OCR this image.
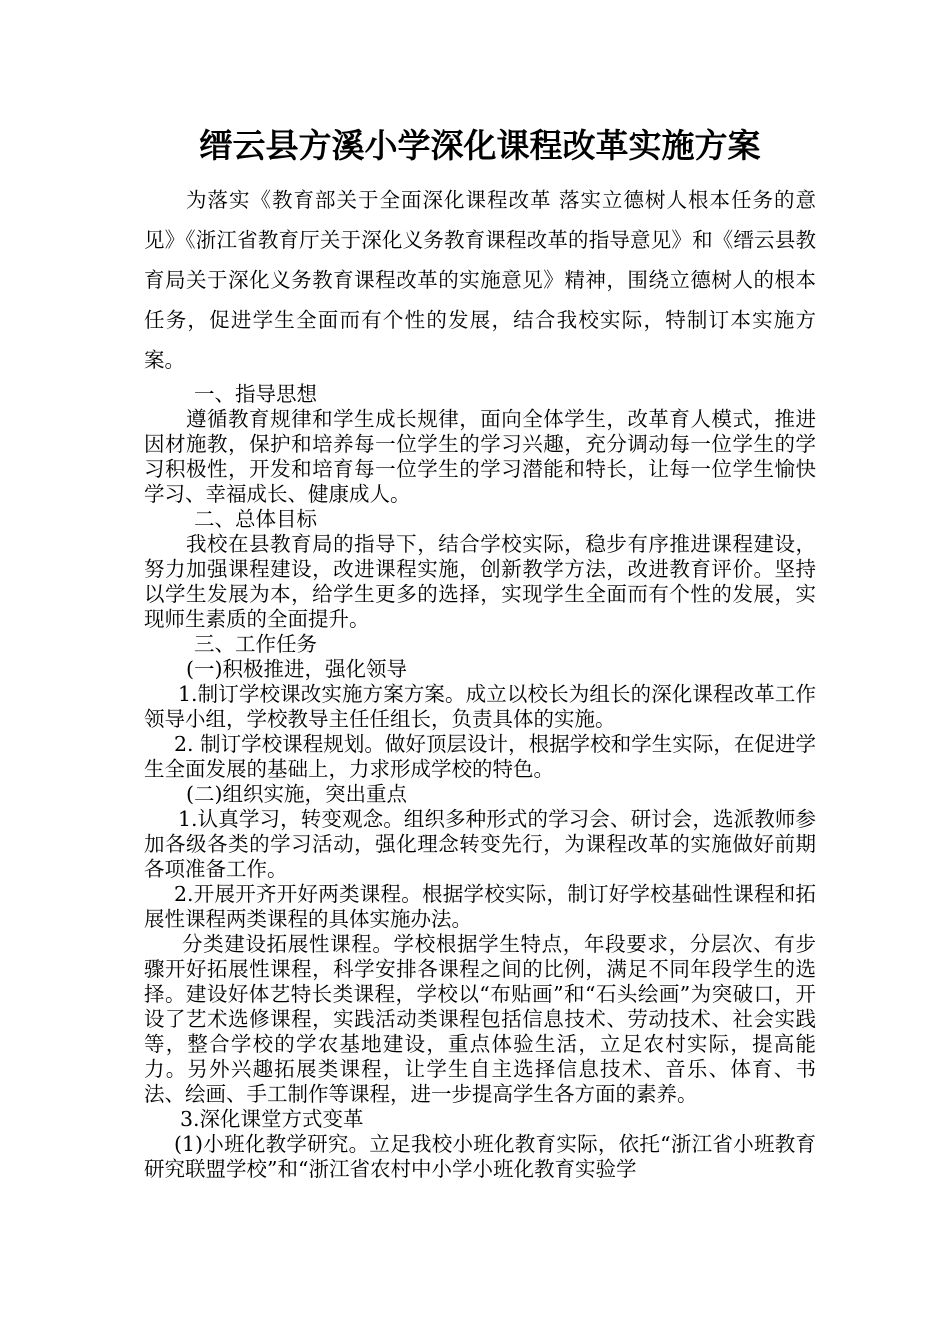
缙云县方溪小学深化课程改革实施方案

为落实《教育部关于全面深化课程改革 落实立德树人根本任务的意见》《浙江省教育厅关于深化义务教育课程改革的指导意见》和《缙云县教育局关于深化义务教育课程改革的实施意见》精神，围绕立德树人的根本任务，促进学生全面而有个性的发展，结合我校实际，特制订本实施方案。

一、指导思想

遵循教育规律和学生成长规律，面向全体学生，改革育人模式，推进因材施教，保护和培养每一位学生的学习兴趣，充分调动每一位学生的学习积极性，开发和培育每一位学生的学习潜能和特长，让每一位学生愉快学习、幸福成长、健康成人。

二、总体目标

我校在县教育局的指导下，结合学校实际，稳步有序推进课程建设，努力加强课程建设，改进课程实施，创新教学方法，改进教育评价。坚持以学生发展为本，给学生更多的选择，实现学生全面而有个性的发展，实现师生素质的全面提升。

三、工作任务

(一)积极推进，强化领导

1.制订学校课改实施方案方案。成立以校长为组长的深化课程改革工作领导小组，学校教导主任任组长，负责具体的实施。

2. 制订学校课程规划。做好顶层设计，根据学校和学生实际，在促进学生全面发展的基础上，力求形成学校的特色。

(二)组织实施，突出重点

1.认真学习，转变观念。组织多种形式的学习会、研讨会，选派教师参加各级各类的学习活动，强化理念转变先行，为课程改革的实施做好前期各项准备工作。

2.开展开齐开好两类课程。根据学校实际，制订好学校基础性课程和拓展性课程两类课程的具体实施办法。

分类建设拓展性课程。学校根据学生特点，年段要求，分层次、有步骤开好拓展性课程，科学安排各课程之间的比例，满足不同年段学生的选择。建设好体艺特长类课程，学校以“布贴画”和“石头绘画”为突破口，开设了艺术选修课程，实践活动类课程包括信息技术、劳动技术、社会实践等，整合学校的学农基地建设，重点体验生活，立足农村实际，提高能力。另外兴趣拓展类课程，让学生自主选择信息技术、音乐、体育、书法、绘画、手工制作等课程，进一步提高学生各方面的素养。

3.深化课堂方式变革

(1)小班化教学研究。立足我校小班化教育实际，依托“浙江省小班教育研究联盟学校”和“浙江省农村中小学小班化教育实验学
